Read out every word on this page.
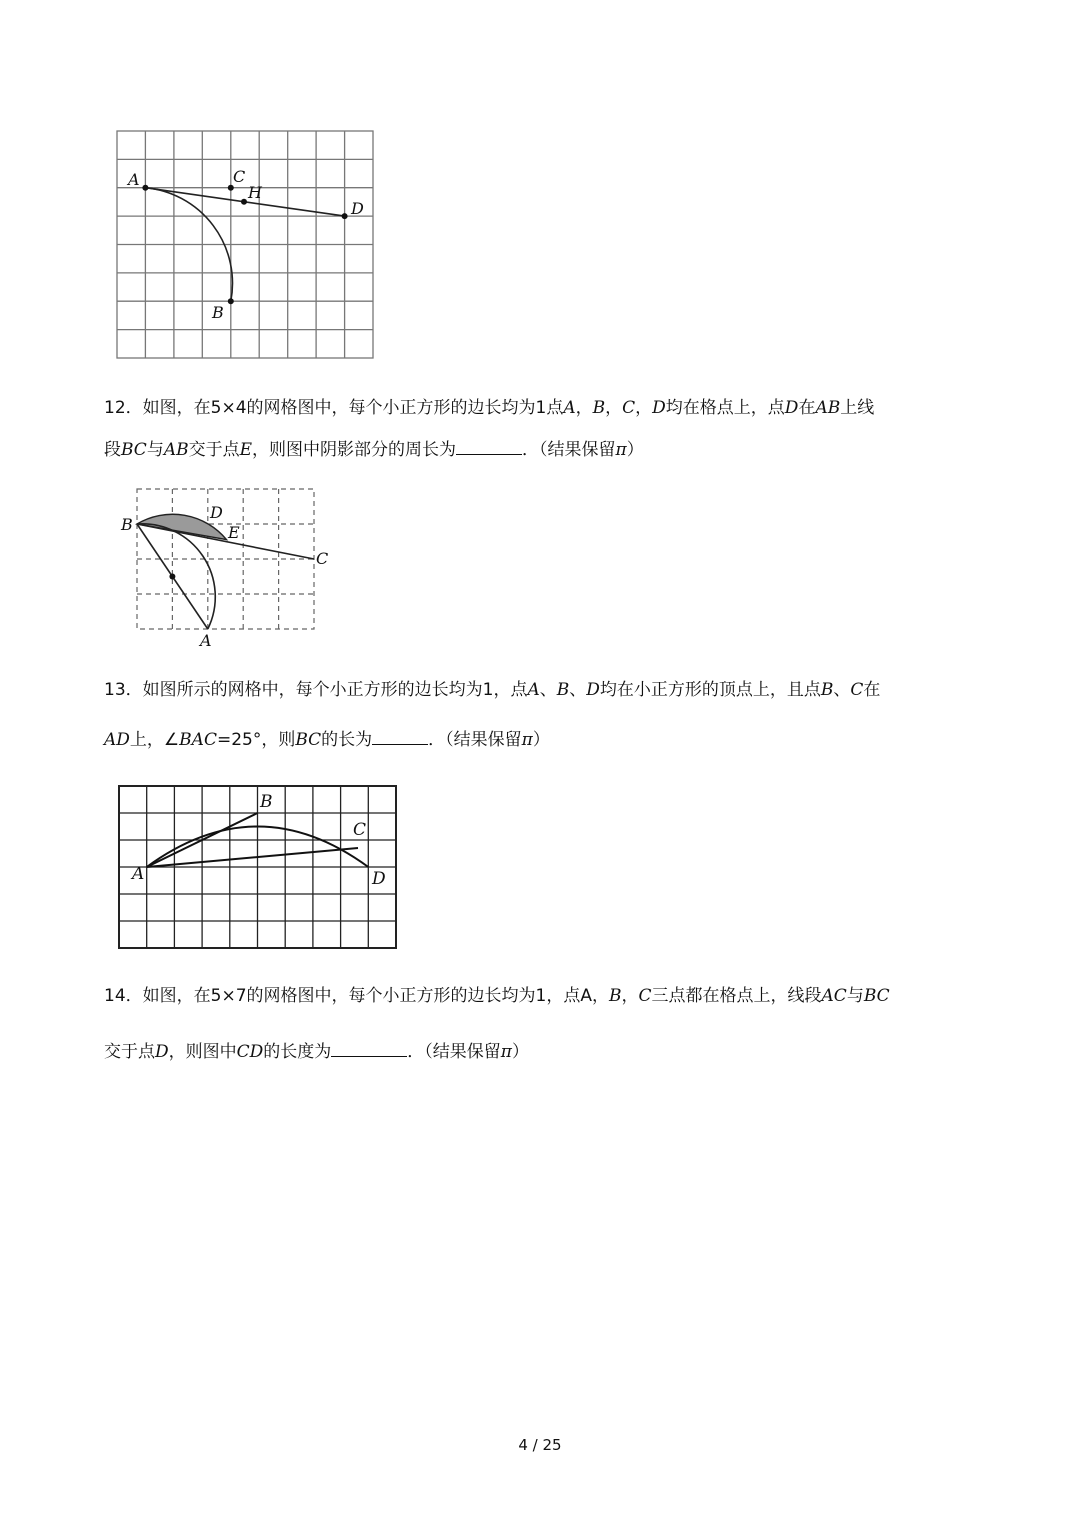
A	C
H
D
B
12．如图，在5×4的网格图中，每个小正方形的边长均为1点A，B，C，D均在格点上，点D在AB上线
段BC与AB交于点E，则图中阴影部分的周长为	．（结果保留π）
B
D
E
C
A
13．如图所示的网格中，每个小正方形的边长均为1，点A、B、D均在小正方形的顶点上，且点B、C在
AD上，∠BAC=25°，则BC的长为	．（结果保留π）
B
C
A	D
14．如图，在5×7的网格图中，每个小正方形的边长均为1，点A，B，C三点都在格点上，线段AC与BC
交于点D，则图中CD的长度为	．（结果保留π）
4 / 25
